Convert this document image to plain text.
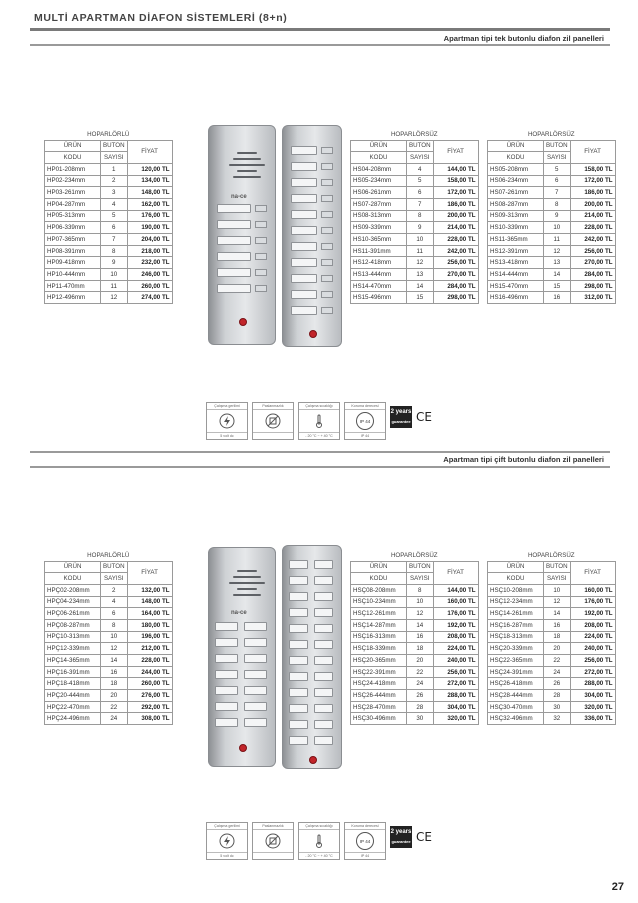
MULTİ APARTMAN DİAFON SİSTEMLERİ (8+n)
Apartman tipi tek butonlu diafon zil panelleri
Apartman tipi çift butonlu diafon zil panelleri
HOPARLÖRLÜ		
ÜRÜN	BUTON	FİYAT
KODU	SAYISI	
HP01-208mm	1	120,00 TL
HP02-234mm	2	134,00 TL
HP03-261mm	3	148,00 TL
HP04-287mm	4	162,00 TL
HP05-313mm	5	176,00 TL
HP06-339mm	6	190,00 TL
HP07-365mm	7	204,00 TL
HP08-391mm	8	218,00 TL
HP09-418mm	9	232,00 TL
HP10-444mm	10	246,00 TL
HP11-470mm	11	260,00 TL
HP12-496mm	12	274,00 TL
HOPARLÖRSÜZ		
ÜRÜN	BUTON	FİYAT
KODU	SAYISI	
HS04-208mm	4	144,00 TL
HS05-234mm	5	158,00 TL
HS06-261mm	6	172,00 TL
HS07-287mm	7	186,00 TL
HS08-313mm	8	200,00 TL
HS09-339mm	9	214,00 TL
HS10-365mm	10	228,00 TL
HS11-391mm	11	242,00 TL
HS12-418mm	12	256,00 TL
HS13-444mm	13	270,00 TL
HS14-470mm	14	284,00 TL
HS15-496mm	15	298,00 TL
HOPARLÖRSÜZ		
ÜRÜN	BUTON	FİYAT
KODU	SAYISI	
HS05-208mm	5	158,00 TL
HS06-234mm	6	172,00 TL
HS07-261mm	7	186,00 TL
HS08-287mm	8	200,00 TL
HS09-313mm	9	214,00 TL
HS10-339mm	10	228,00 TL
HS11-365mm	11	242,00 TL
HS12-391mm	12	256,00 TL
HS13-418mm	13	270,00 TL
HS14-444mm	14	284,00 TL
HS15-470mm	15	298,00 TL
HS16-496mm	16	312,00 TL
HOPARLÖRLÜ		
ÜRÜN	BUTON	FİYAT
KODU	SAYISI	
HPÇ02-208mm	2	132,00 TL
HPÇ04-234mm	4	148,00 TL
HPÇ06-261mm	6	164,00 TL
HPÇ08-287mm	8	180,00 TL
HPÇ10-313mm	10	196,00 TL
HPÇ12-339mm	12	212,00 TL
HPÇ14-365mm	14	228,00 TL
HPÇ16-391mm	16	244,00 TL
HPÇ18-418mm	18	260,00 TL
HPÇ20-444mm	20	276,00 TL
HPÇ22-470mm	22	292,00 TL
HPÇ24-496mm	24	308,00 TL
HOPARLÖRSÜZ		
ÜRÜN	BUTON	FİYAT
KODU	SAYISI	
HSÇ08-208mm	8	144,00 TL
HSÇ10-234mm	10	160,00 TL
HSÇ12-261mm	12	176,00 TL
HSÇ14-287mm	14	192,00 TL
HSÇ16-313mm	16	208,00 TL
HSÇ18-339mm	18	224,00 TL
HSÇ20-365mm	20	240,00 TL
HSÇ22-391mm	22	256,00 TL
HSÇ24-418mm	24	272,00 TL
HSÇ26-444mm	26	288,00 TL
HSÇ28-470mm	28	304,00 TL
HSÇ30-496mm	30	320,00 TL
HOPARLÖRSÜZ		
ÜRÜN	BUTON	FİYAT
KODU	SAYISI	
HSÇ10-208mm	10	160,00 TL
HSÇ12-234mm	12	176,00 TL
HSÇ14-261mm	14	192,00 TL
HSÇ16-287mm	16	208,00 TL
HSÇ18-313mm	18	224,00 TL
HSÇ20-339mm	20	240,00 TL
HSÇ22-365mm	22	256,00 TL
HSÇ24-391mm	24	272,00 TL
HSÇ26-418mm	26	288,00 TL
HSÇ28-444mm	28	304,00 TL
HSÇ30-470mm	30	320,00 TL
HSÇ32-496mm	32	336,00 TL
na-ce
na-ce
Çalışma gerilimi
5 volt dc
Paslanmazlık	Çalışma sıcaklığı
- 20 °C ~ + 40 °C
Koruma derecesi
IP 44
IP 44
2 years
guarantee CE
Çalışma gerilimi
5 volt dc
Paslanmazlık	Çalışma sıcaklığı
- 20 °C ~ + 40 °C
Koruma derecesi
IP 44
IP 44
2 years
guarantee CE
27
